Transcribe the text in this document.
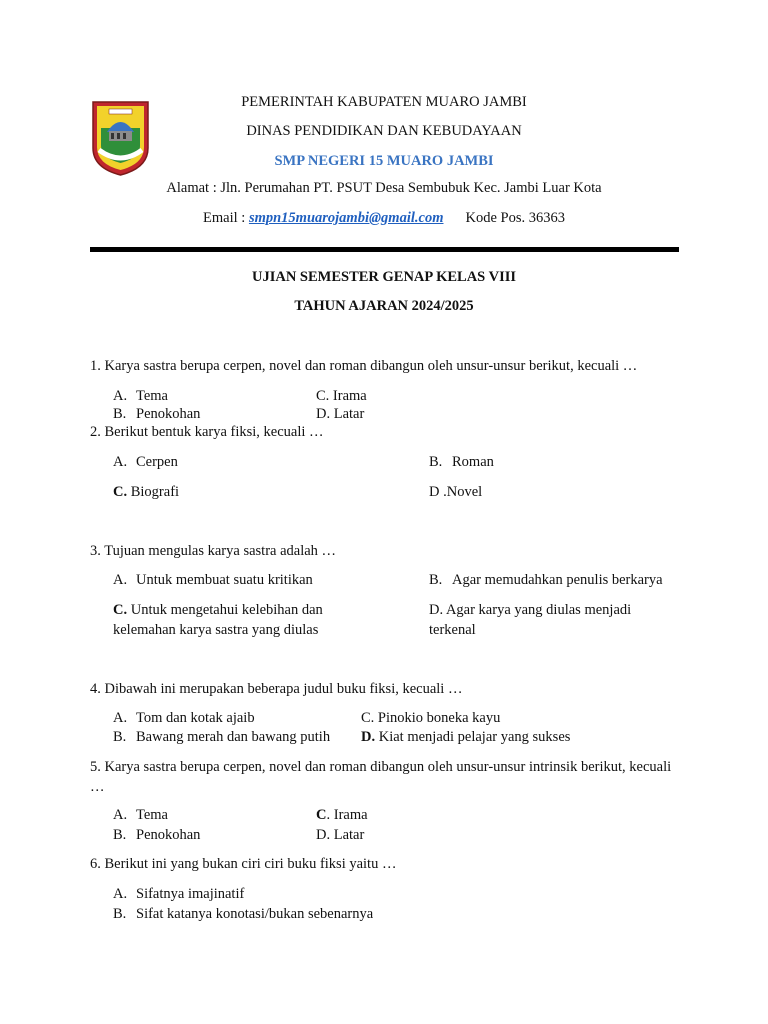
PEMERINTAH KABUPATEN MUARO JAMBI
DINAS PENDIDIKAN DAN KEBUDAYAAN
SMP NEGERI 15 MUARO JAMBI
Alamat : Jln. Perumahan PT. PSUT Desa Sembubuk Kec. Jambi Luar Kota
Email : smpn15muarojambi@gmail.com Kode Pos. 36363
UJIAN SEMESTER GENAP KELAS VIII
TAHUN AJARAN 2024/2025
1. Karya sastra berupa cerpen, novel dan roman dibangun oleh unsur-unsur berikut, kecuali …
A. Tema
B. Penokohan
C. Irama
D. Latar
2. Berikut bentuk karya fiksi, kecuali …
A. Cerpen	B. Roman
C. Biografi	D .Novel
3. Tujuan mengulas karya sastra adalah …
A. Untuk membuat suatu kritikan	B. Agar memudahkan penulis berkarya
C. Untuk mengetahui kelebihan dan kelemahan karya sastra yang diulas
D. Agar karya yang diulas menjadi terkenal
4. Dibawah ini merupakan beberapa judul buku fiksi, kecuali …
A. Tom dan kotak ajaib
B. Bawang merah dan bawang putih
C. Pinokio boneka kayu
D. Kiat menjadi pelajar yang sukses
5. Karya sastra berupa cerpen, novel dan roman dibangun oleh unsur-unsur intrinsik berikut, kecuali …
A. Tema
B. Penokohan
C. Irama
D. Latar
6. Berikut ini yang bukan ciri ciri buku fiksi yaitu …
A. Sifatnya imajinatif
B. Sifat katanya konotasi/bukan sebenarnya
